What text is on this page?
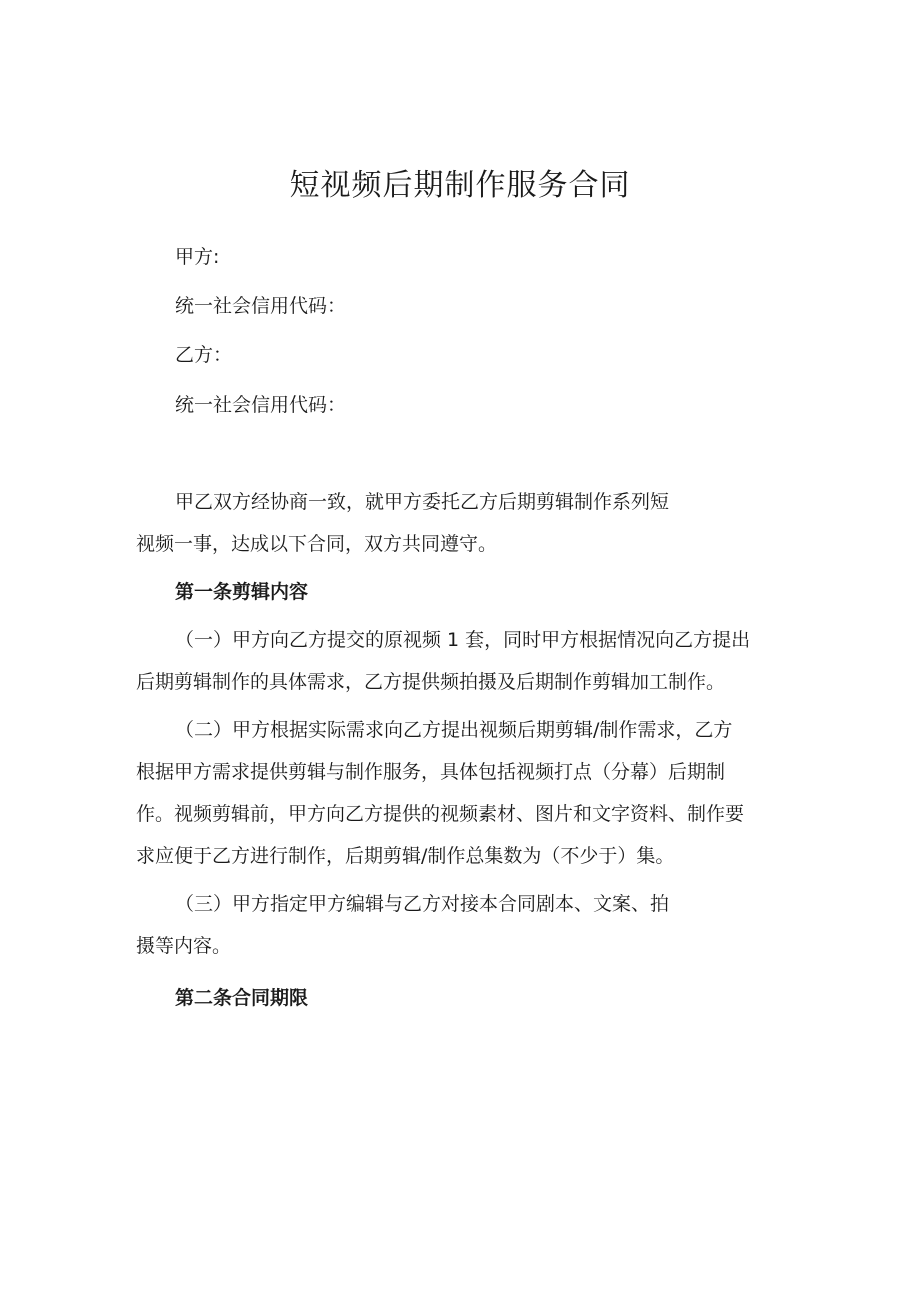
短视频后期制作服务合同
甲方:
统一社会信用代码：
乙方：
统一社会信用代码：
甲乙双方经协商一致，就甲方委托乙方后期剪辑制作系列短
视频一事，达成以下合同，双方共同遵守。
第一条剪辑内容
（一）甲方向乙方提交的原视频 1 套，同时甲方根据情况向乙方提出
后期剪辑制作的具体需求，乙方提供频拍摄及后期制作剪辑加工制作。
（二）甲方根据实际需求向乙方提出视频后期剪辑/制作需求，乙方
根据甲方需求提供剪辑与制作服务，具体包括视频打点（分幕）后期制
作。视频剪辑前，甲方向乙方提供的视频素材、图片和文字资料、制作要
求应便于乙方进行制作，后期剪辑/制作总集数为（不少于）集。
（三）甲方指定甲方编辑与乙方对接本合同剧本、文案、拍
摄等内容。
第二条合同期限
